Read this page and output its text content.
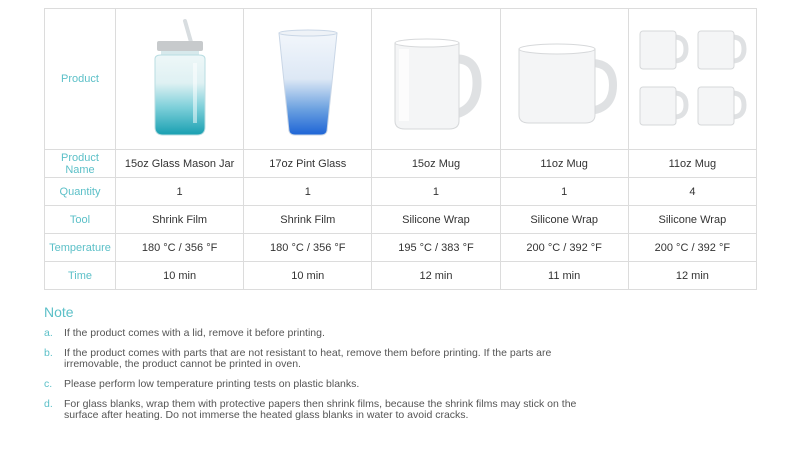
Product	

Product Name	15oz Glass Mason Jar	17oz Pint Glass	15oz Mug	11oz Mug	11oz Mug
Quantity	1	1	1	1	4
Tool	Shrink Film	Shrink Film	Silicone Wrap	Silicone Wrap	Silicone Wrap
Temperature	180 °C / 356 °F	180 °C / 356 °F	195 °C / 383 °F	200 °C / 392 °F	200 °C / 392 °F
Time	10 min	10 min	12 min	11 min	12 min
Note
a.	If the product comes with a lid, remove it before printing.
b.	If the product comes with parts that are not resistant to heat, remove them before printing. If the parts are irremovable, the product cannot be printed in oven.
c.	Please perform low temperature printing tests on plastic blanks.
d.	For glass blanks, wrap them with protective papers then shrink films, because the shrink films may stick on the surface after heating. Do not immerse the heated glass blanks in water to avoid cracks.
